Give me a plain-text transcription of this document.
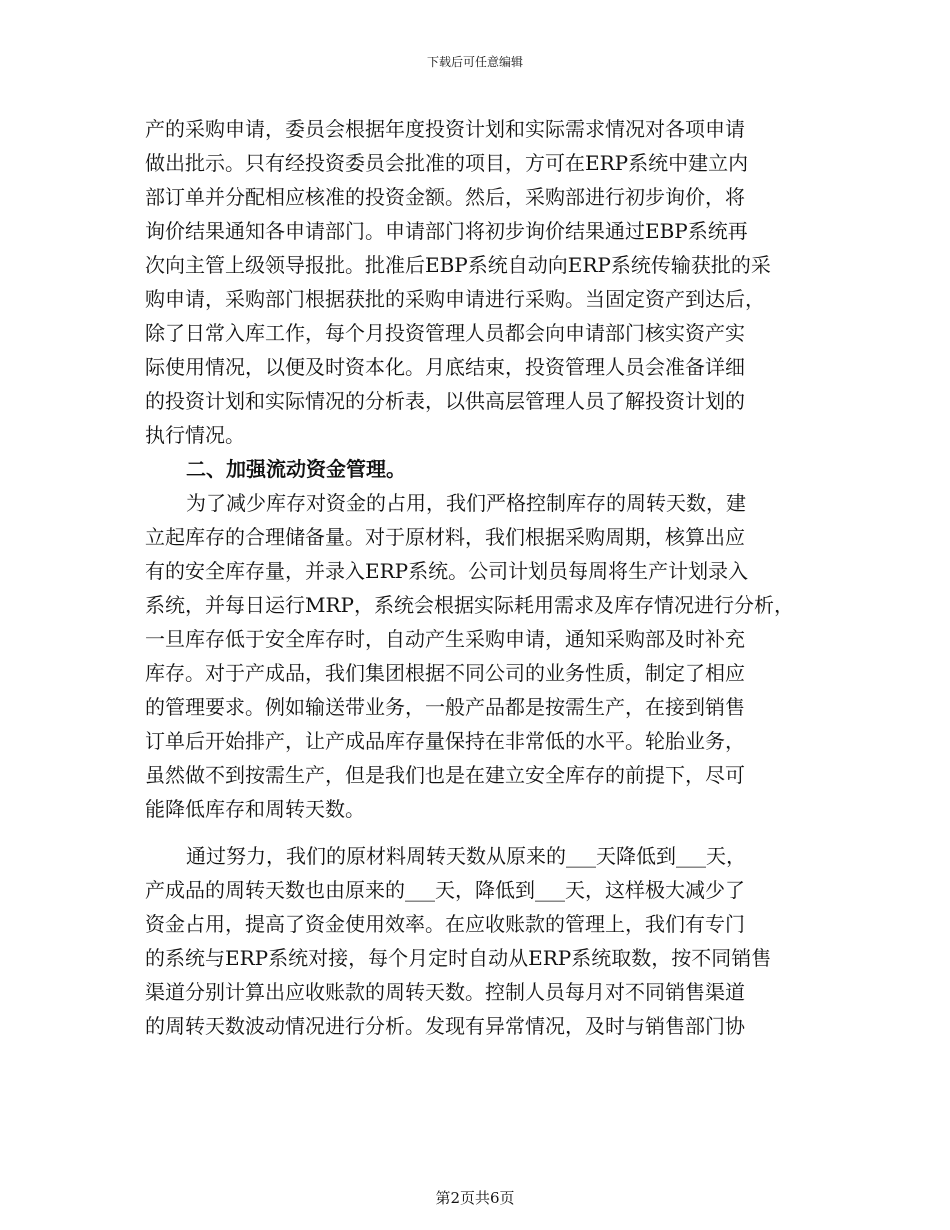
下载后可任意编辑
产的采购申请，委员会根据年度投资计划和实际需求情况对各项申请
做出批示。只有经投资委员会批准的项目，方可在ERP系统中建立内
部订单并分配相应核准的投资金额。然后，采购部进行初步询价，将
询价结果通知各申请部门。申请部门将初步询价结果通过EBP系统再
次向主管上级领导报批。批准后EBP系统自动向ERP系统传输获批的采
购申请，采购部门根据获批的采购申请进行采购。当固定资产到达后，
除了日常入库工作，每个月投资管理人员都会向申请部门核实资产实
际使用情况，以便及时资本化。月底结束，投资管理人员会准备详细
的投资计划和实际情况的分析表，以供高层管理人员了解投资计划的
执行情况。
二、加强流动资金管理。
为了减少库存对资金的占用，我们严格控制库存的周转天数，建
立起库存的合理储备量。对于原材料，我们根据采购周期，核算出应
有的安全库存量，并录入ERP系统。公司计划员每周将生产计划录入
系统，并每日运行MRP，系统会根据实际耗用需求及库存情况进行分析，
一旦库存低于安全库存时，自动产生采购申请，通知采购部及时补充
库存。对于产成品，我们集团根据不同公司的业务性质，制定了相应
的管理要求。例如输送带业务，一般产品都是按需生产，在接到销售
订单后开始排产，让产成品库存量保持在非常低的水平。轮胎业务，
虽然做不到按需生产，但是我们也是在建立安全库存的前提下，尽可
能降低库存和周转天数。
通过努力，我们的原材料周转天数从原来的___天降低到___天，
产成品的周转天数也由原来的___天，降低到___天，这样极大减少了
资金占用，提高了资金使用效率。在应收账款的管理上，我们有专门
的系统与ERP系统对接，每个月定时自动从ERP系统取数，按不同销售
渠道分别计算出应收账款的周转天数。控制人员每月对不同销售渠道
的周转天数波动情况进行分析。发现有异常情况，及时与销售部门协
第2页共6页
